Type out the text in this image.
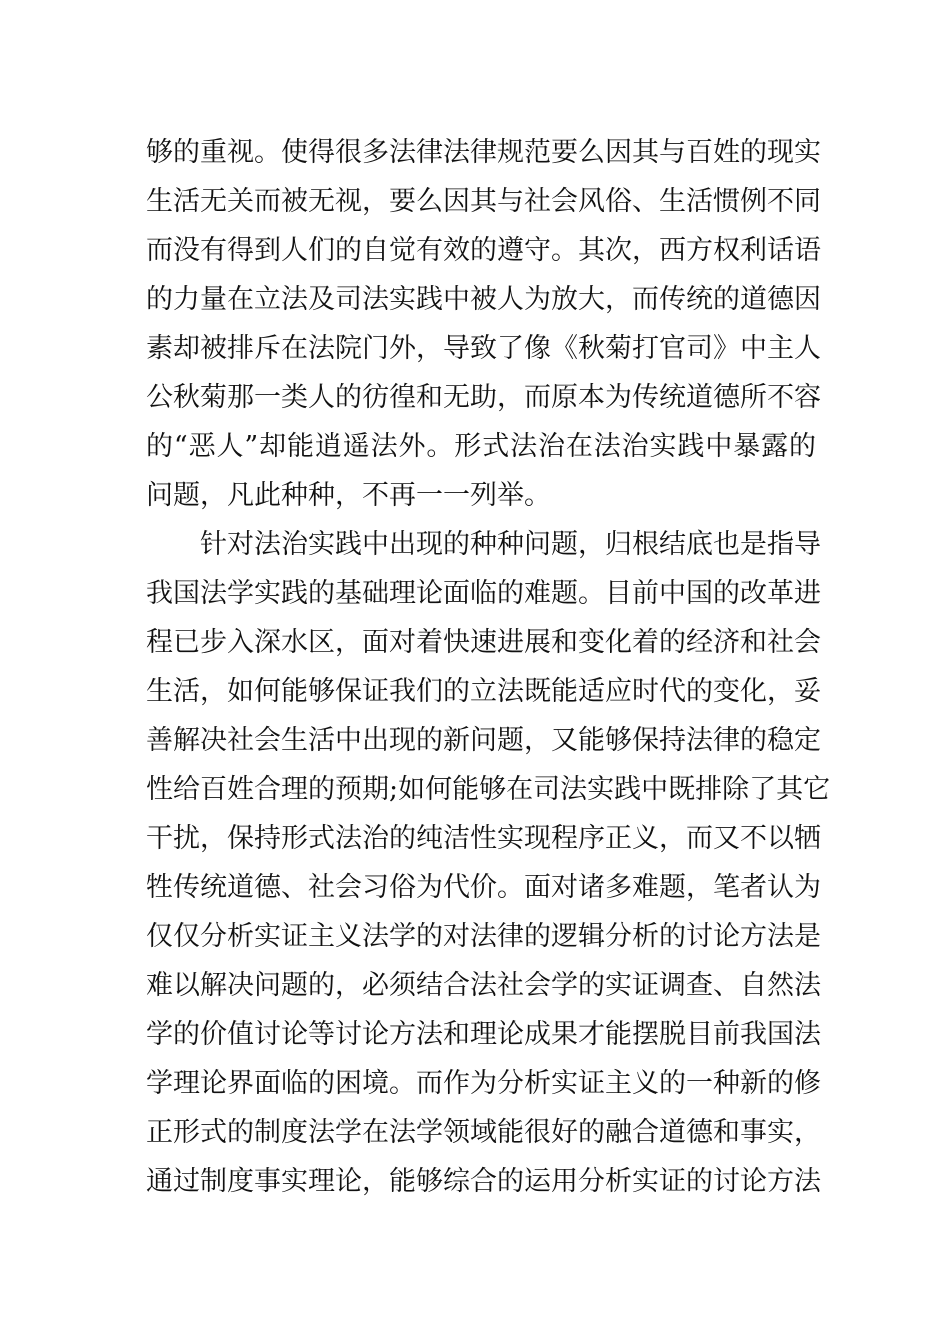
够的重视。使得很多法律法律规范要么因其与百姓的现实
生活无关而被无视，要么因其与社会风俗、生活惯例不同
而没有得到人们的自觉有效的遵守。其次，西方权利话语
的力量在立法及司法实践中被人为放大，而传统的道德因
素却被排斥在法院门外，导致了像《秋菊打官司》中主人
公秋菊那一类人的彷徨和无助，而原本为传统道德所不容
的“恶人”却能逍遥法外。形式法治在法治实践中暴露的
问题，凡此种种，不再一一列举。
针对法治实践中出现的种种问题，归根结底也是指导
我国法学实践的基础理论面临的难题。目前中国的改革进
程已步入深水区，面对着快速进展和变化着的经济和社会
生活，如何能够保证我们的立法既能适应时代的变化，妥
善解决社会生活中出现的新问题，又能够保持法律的稳定
性给百姓合理的预期;如何能够在司法实践中既排除了其它
干扰，保持形式法治的纯洁性实现程序正义，而又不以牺
牲传统道德、社会习俗为代价。面对诸多难题，笔者认为
仅仅分析实证主义法学的对法律的逻辑分析的讨论方法是
难以解决问题的，必须结合法社会学的实证调查、自然法
学的价值讨论等讨论方法和理论成果才能摆脱目前我国法
学理论界面临的困境。而作为分析实证主义的一种新的修
正形式的制度法学在法学领域能很好的融合道德和事实，
通过制度事实理论，能够综合的运用分析实证的讨论方法
